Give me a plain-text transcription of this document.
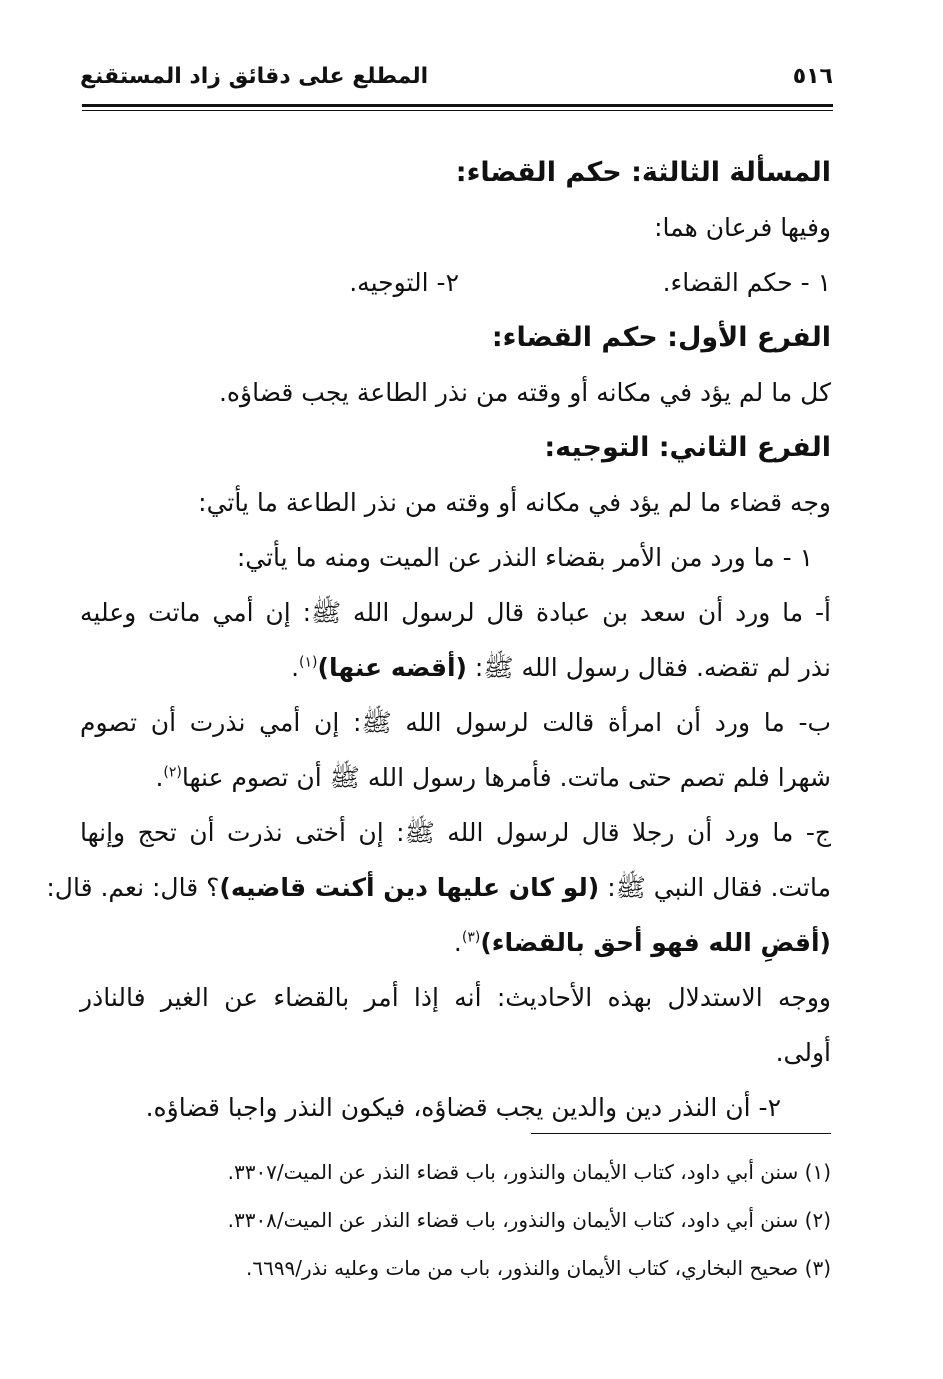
٥١٦
المطلع على دقائق زاد المستقنع
المسألة الثالثة: حكم القضاء:
وفيها فرعان هما:
١ - حكم القضاء.
٢- التوجيه.
الفرع الأول: حكم القضاء:
كل ما لم يؤد في مكانه أو وقته من نذر الطاعة يجب قضاؤه.
الفرع الثاني: التوجيه:
وجه قضاء ما لم يؤد في مكانه أو وقته من نذر الطاعة ما يأتي:
١ - ما ورد من الأمر بقضاء النذر عن الميت ومنه ما يأتي:
أ- ما ورد أن سعد بن عبادة قال لرسول الله ﷺ: إن أمي ماتت وعليه
نذر لم تقضه. فقال رسول الله ﷺ: (أقضه عنها)$^{(١)}$.
ب- ما ورد أن امرأة قالت لرسول الله ﷺ: إن أمي نذرت أن تصوم
شهرا فلم تصم حتى ماتت. فأمرها رسول الله ﷺ أن تصوم عنها$^{(٢)}$.
ج- ما ورد أن رجلا قال لرسول الله ﷺ: إن أختى نذرت أن تحج وإنها
ماتت. فقال النبي ﷺ: (لو كان عليها دين أكنت قاضيه)؟ قال: نعم. قال:
(أقضِ الله فهو أحق بالقضاء)$^{(٣)}$.
ووجه الاستدلال بهذه الأحاديث: أنه إذا أمر بالقضاء عن الغير فالناذر
أولى.
٢- أن النذر دين والدين يجب قضاؤه، فيكون النذر واجبا قضاؤه.
(١) سنن أبي داود، كتاب الأيمان والنذور، باب قضاء النذر عن الميت/٣٣٠٧.
(٢) سنن أبي داود، كتاب الأيمان والنذور، باب قضاء النذر عن الميت/٣٣٠٨.
(٣) صحيح البخاري، كتاب الأيمان والنذور، باب من مات وعليه نذر/٦٦٩٩.
